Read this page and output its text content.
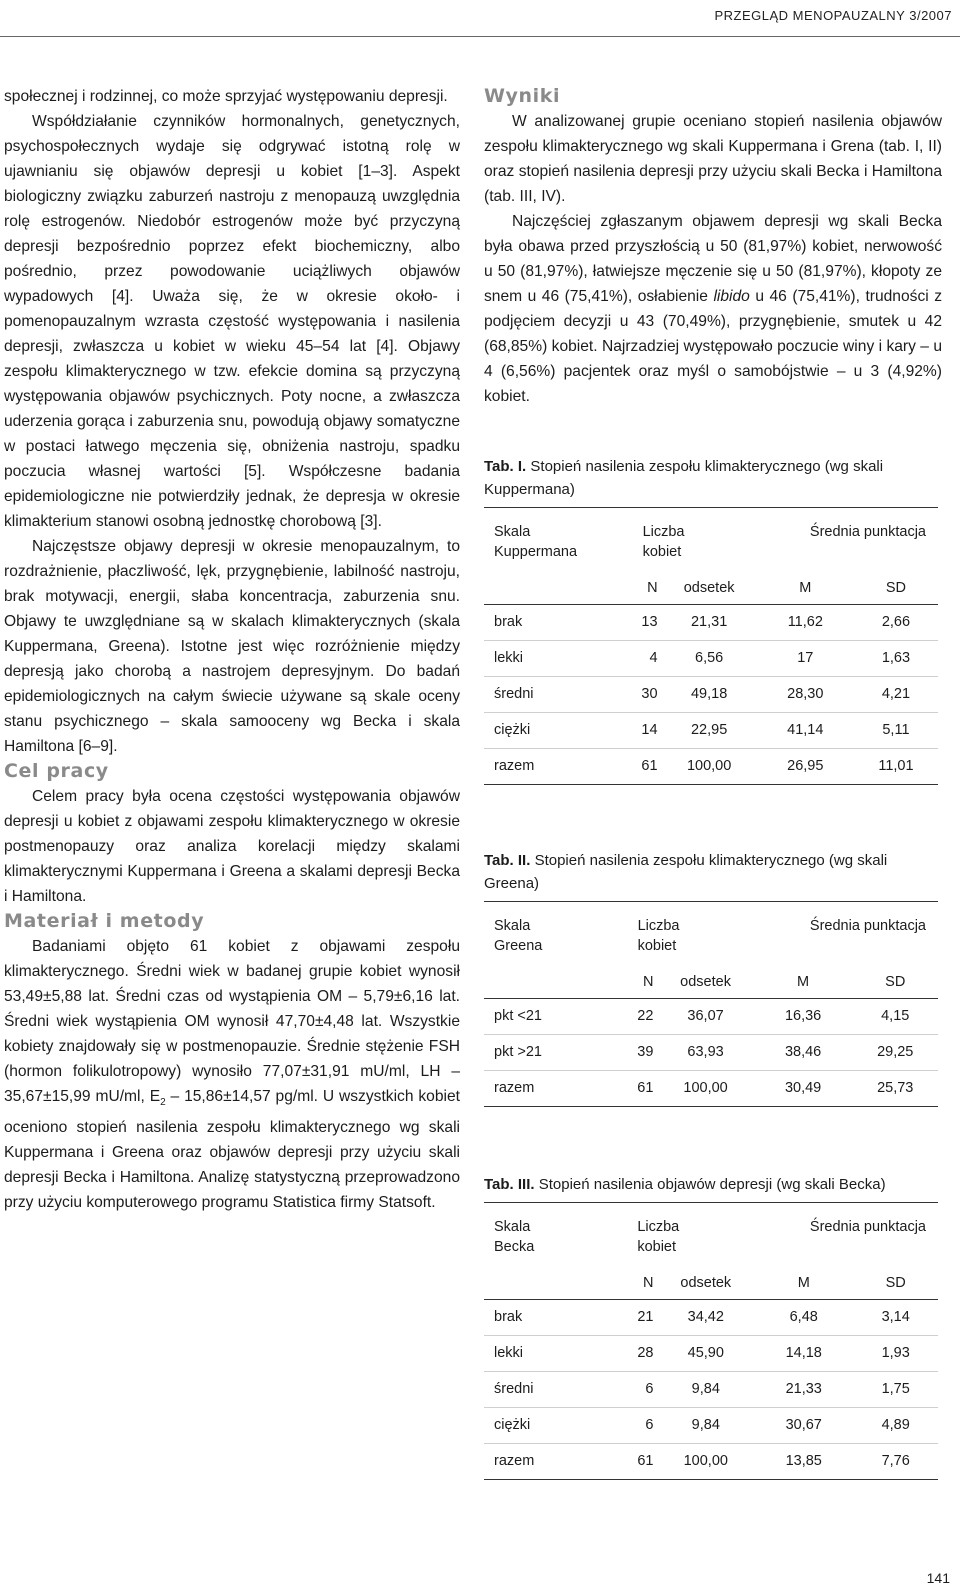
PRZEGLĄD MENOPAUZALNY 3/2007

społecznej i rodzinnej, co może sprzyjać występowaniu depresji.

Współdziałanie czynników hormonalnych, genetycznych, psychospołecznych wydaje się odgrywać istotną rolę w ujawnianiu się objawów depresji u kobiet [1–3]. Aspekt biologiczny związku zaburzeń nastroju z menopauzą uwzględnia rolę estrogenów. Niedobór estrogenów może być przyczyną depresji bezpośrednio poprzez efekt biochemiczny, albo pośrednio, przez powodowanie uciążliwych objawów wypadowych [4]. Uważa się, że w okresie około- i pomenopauzalnym wzrasta częstość występowania i nasilenia depresji, zwłaszcza u kobiet w wieku 45–54 lat [4]. Objawy zespołu klimakterycznego w tzw. efekcie domina są przyczyną występowania objawów psychicznych. Poty nocne, a zwłaszcza uderzenia gorąca i zaburzenia snu, powodują objawy somatyczne w postaci łatwego męczenia się, obniżenia nastroju, spadku poczucia własnej wartości [5]. Współczesne badania epidemiologiczne nie potwierdziły jednak, że depresja w okresie klimakterium stanowi osobną jednostkę chorobową [3].

Najczęstsze objawy depresji w okresie menopauzalnym, to rozdrażnienie, płaczliwość, lęk, przygnębienie, labilność nastroju, brak motywacji, energii, słaba koncentracja, zaburzenia snu. Objawy te uwzględniane są w skalach klimakterycznych (skala Kuppermana, Greena). Istotne jest więc rozróżnienie między depresją jako chorobą a nastrojem depresyjnym. Do badań epidemiologicznych na całym świecie używane są skale oceny stanu psychicznego – skala samooceny wg Becka i skala Hamiltona [6–9].

Cel pracy

Celem pracy była ocena częstości występowania objawów depresji u kobiet z objawami zespołu klimakterycznego w okresie postmenopauzy oraz analiza korelacji między skalami klimakterycznymi Kuppermana i Greena a skalami depresji Becka i Hamiltona.

Materiał i metody

Badaniami objęto 61 kobiet z objawami zespołu klimakterycznego. Średni wiek w badanej grupie kobiet wynosił 53,49±5,88 lat. Średni czas od wystąpienia OM – 5,79±6,16 lat. Średni wiek wystąpienia OM wynosił 47,70±4,48 lat. Wszystkie kobiety znajdowały się w postmenopauzie. Średnie stężenie FSH (hormon folikulotropowy) wynosiło 77,07±31,91 mU/ml, LH – 35,67±15,99 mU/ml, $E_2 - 15,86\pm 14,57$ pg/ml. U wszystkich kobiet oceniono stopień nasilenia zespołu klimakterycznego wg skali Kuppermana i Greena oraz objawów depresji przy użyciu skali depresji Becka i Hamiltona. Analizę statystyczną przeprowadzono przy użyciu komputerowego programu Statistica firmy Statsoft.

Wyniki

W analizowanej grupie oceniano stopień nasilenia objawów zespołu klimakterycznego wg skali Kuppermana i Grena (tab. I, II) oraz stopień nasilenia depresji przy użyciu skali Becka i Hamiltona (tab. III, IV).

Najczęściej zgłaszanym objawem depresji wg skali Becka była obawa przed przyszłością u 50 (81,97%) kobiet, nerwowość u 50 (81,97%), łatwiejsze męczenie się u 50 (81,97%), kłopoty ze snem u 46 (75,41%), osłabienie libido u 46 (75,41%), trudności z podjęciem decyzji u 43 (70,49%), przygnębienie, smutek u 42 (68,85%) kobiet. Najrzadziej występowało poczucie winy i kary – u 4 (6,56%) pacjentek oraz myśl o samobójstwie – u 3 (4,92%) kobiet.

Tab. I. Stopień nasilenia zespołu klimakterycznego (wg skali Kuppermana)
Skala
Kuppermana	Liczba
kobiet		Średnia punktacja	
	N	odsetek	M	SD
brak	13	21,31	11,62	2,66
lekki	4	6,56	17	1,63
średni	30	49,18	28,30	4,21
ciężki	14	22,95	41,14	5,11
razem	61	100,00	26,95	11,01
Tab. II. Stopień nasilenia zespołu klimakterycznego (wg skali Greena)
Skala
Greena	Liczba
kobiet		Średnia punktacja	
	N	odsetek	M	SD
pkt <21	22	36,07	16,36	4,15
pkt >21	39	63,93	38,46	29,25
razem	61	100,00	30,49	25,73
Tab. III. Stopień nasilenia objawów depresji (wg skali Becka)
Skala
Becka	Liczba
kobiet		Średnia punktacja	
	N	odsetek	M	SD
brak	21	34,42	6,48	3,14
lekki	28	45,90	14,18	1,93
średni	6	9,84	21,33	1,75
ciężki	6	9,84	30,67	4,89
razem	61	100,00	13,85	7,76
141
